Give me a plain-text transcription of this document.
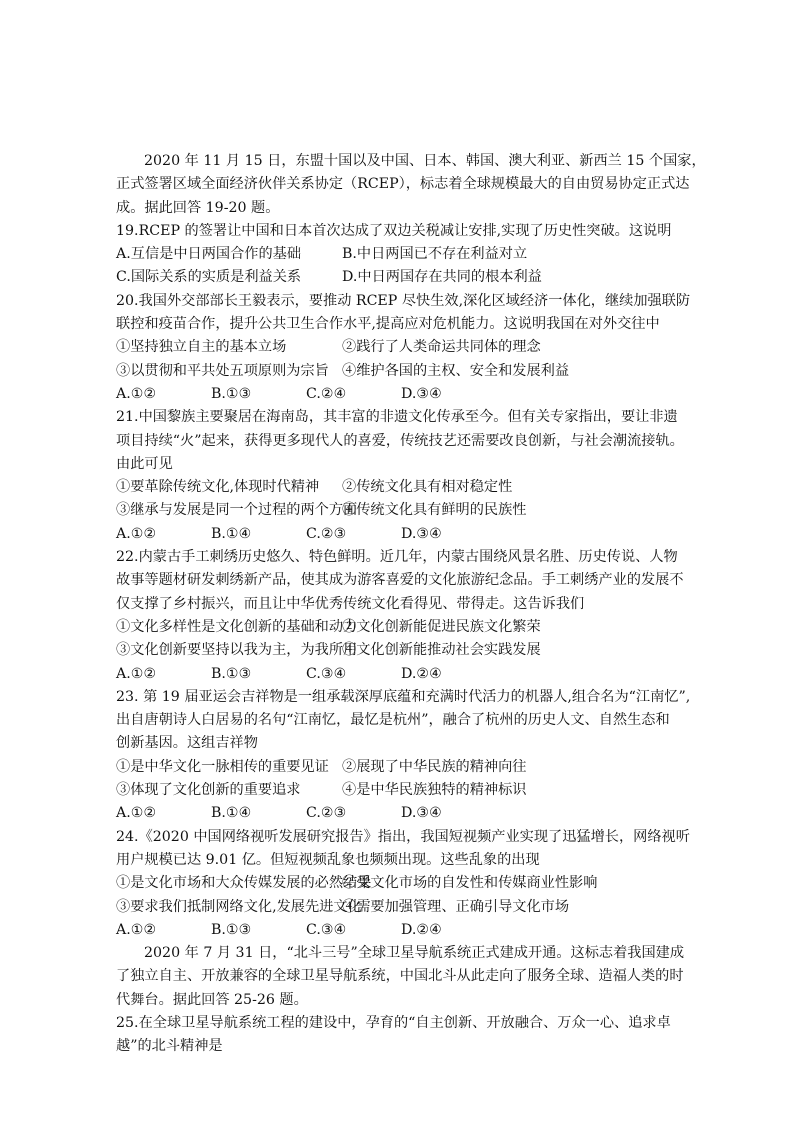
2020 年 11 月 15 日，东盟十国以及中国、日本、韩国、澳大利亚、新西兰 15 个国家，

正式签署区域全面经济伙伴关系协定（RCEP），标志着全球规模最大的自由贸易协定正式达

成。据此回答 19-20 题。

19.RCEP 的签署让中国和日本首次达成了双边关税减让安排,实现了历史性突破。这说明

A.互信是中日两国合作的基础	B.中日两国已不存在利益对立
C.国际关系的实质是利益关系	D.中日两国存在共同的根本利益

20.我国外交部部长王毅表示，要推动 RCEP 尽快生效,深化区域经济一体化，继续加强联防

联控和疫苗合作，提升公共卫生合作水平,提高应对危机能力。这说明我国在对外交往中

①坚持独立自主的基本立场	②践行了人类命运共同体的理念
③以贯彻和平共处五项原则为宗旨 ④维护各国的主权、安全和发展利益
A.①②	B.①③	C.②④	D.③④

21.中国黎族主要聚居在海南岛，其丰富的非遗文化传承至今。但有关专家指出，要让非遗

项目持续“火”起来，获得更多现代人的喜爱，传统技艺还需要改良创新，与社会潮流接轨。

由此可见

①要革除传统文化,体现时代精神	②传统文化具有相对稳定性
③继承与发展是同一个过程的两个方面
④传统文化具有鲜明的民族性
A.①②	B.①④	C.②③	D.③④

22.内蒙古手工刺绣历史悠久、特色鲜明。近几年，内蒙古围绕风景名胜、历史传说、人物

故事等题材研发刺绣新产品，使其成为游客喜爱的文化旅游纪念品。手工刺绣产业的发展不

仅支撑了乡村振兴，而且让中华优秀传统文化看得见、带得走。这告诉我们

①文化多样性是文化创新的基础和动力
②文化创新能促进民族文化繁荣
③文化创新要坚持以我为主，为我所用
④文化创新能推动社会实践发展
A.①②	B.①③	C.③④	D.②④

23. 第 19 届亚运会吉祥物是一组承载深厚底蕴和充满时代活力的机器人,组合名为“江南忆”,

出自唐朝诗人白居易的名句“江南忆，最忆是杭州”，融合了杭州的历史人文、自然生态和

创新基因。这组吉祥物

①是中华文化一脉相传的重要见证 ②展现了中华民族的精神向往
③体现了文化创新的重要追求	④是中华民族独特的精神标识
A.①②	B.①④	C.②③	D.③④

24.《2020 中国网络视听发展研究报告》指出，我国短视频产业实现了迅猛增长，网络视听

用户规模已达 9.01 亿。但短视频乱象也频频出现。这些乱象的出现

①是文化市场和大众传媒发展的必然结果
②受文化市场的自发性和传媒商业性影响
③要求我们抵制网络文化,发展先进文化
④需要加强管理、正确引导文化市场
A.①②	B.①③	C.③④	D.②④

2020 年 7 月 31 日，“北斗三号”全球卫星导航系统正式建成开通。这标志着我国建成

了独立自主、开放兼容的全球卫星导航系统，中国北斗从此走向了服务全球、造福人类的时

代舞台。据此回答 25-26 题。

25.在全球卫星导航系统工程的建设中，孕育的“自主创新、开放融合、万众一心、追求卓

越”的北斗精神是
